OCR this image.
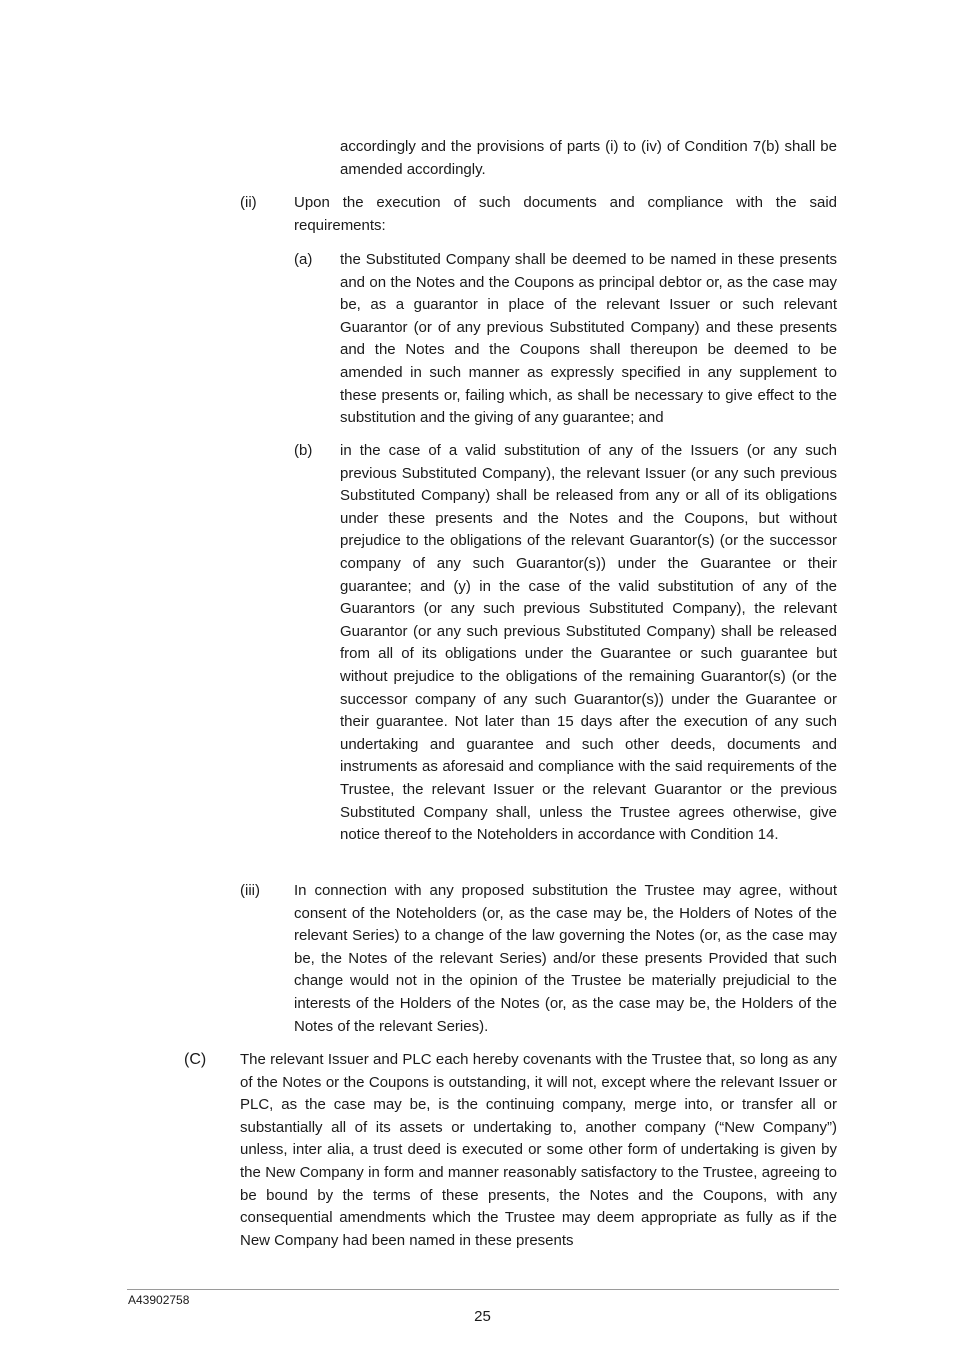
accordingly and the provisions of parts (i) to (iv) of Condition 7(b) shall be amended accordingly.

(ii) Upon the execution of such documents and compliance with the said requirements:

(a) the Substituted Company shall be deemed to be named in these presents and on the Notes and the Coupons as principal debtor or, as the case may be, as a guarantor in place of the relevant Issuer or such relevant Guarantor (or of any previous Substituted Company) and these presents and the Notes and the Coupons shall thereupon be deemed to be amended in such manner as expressly specified in any supplement to these presents or, failing which, as shall be necessary to give effect to the substitution and the giving of any guarantee; and

(b) in the case of a valid substitution of any of the Issuers (or any such previous Substituted Company), the relevant Issuer (or any such previous Substituted Company) shall be released from any or all of its obligations under these presents and the Notes and the Coupons, but without prejudice to the obligations of the relevant Guarantor(s) (or the successor company of any such Guarantor(s)) under the Guarantee or their guarantee; and (y) in the case of the valid substitution of any of the Guarantors (or any such previous Substituted Company), the relevant Guarantor (or any such previous Substituted Company) shall be released from all of its obligations under the Guarantee or such guarantee but without prejudice to the obligations of the remaining Guarantor(s) (or the successor company of any such Guarantor(s)) under the Guarantee or their guarantee. Not later than 15 days after the execution of any such undertaking and guarantee and such other deeds, documents and instruments as aforesaid and compliance with the said requirements of the Trustee, the relevant Issuer or the relevant Guarantor or the previous Substituted Company shall, unless the Trustee agrees otherwise, give notice thereof to the Noteholders in accordance with Condition 14.

(iii) In connection with any proposed substitution the Trustee may agree, without consent of the Noteholders (or, as the case may be, the Holders of Notes of the relevant Series) to a change of the law governing the Notes (or, as the case may be, the Notes of the relevant Series) and/or these presents Provided that such change would not in the opinion of the Trustee be materially prejudicial to the interests of the Holders of the Notes (or, as the case may be, the Holders of the Notes of the relevant Series).

(C) The relevant Issuer and PLC each hereby covenants with the Trustee that, so long as any of the Notes or the Coupons is outstanding, it will not, except where the relevant Issuer or PLC, as the case may be, is the continuing company, merge into, or transfer all or substantially all of its assets or undertaking to, another company (“New Company”) unless, inter alia, a trust deed is executed or some other form of undertaking is given by the New Company in form and manner reasonably satisfactory to the Trustee, agreeing to be bound by the terms of these presents, the Notes and the Coupons, with any consequential amendments which the Trustee may deem appropriate as fully as if the New Company had been named in these presents

A43902758
25
